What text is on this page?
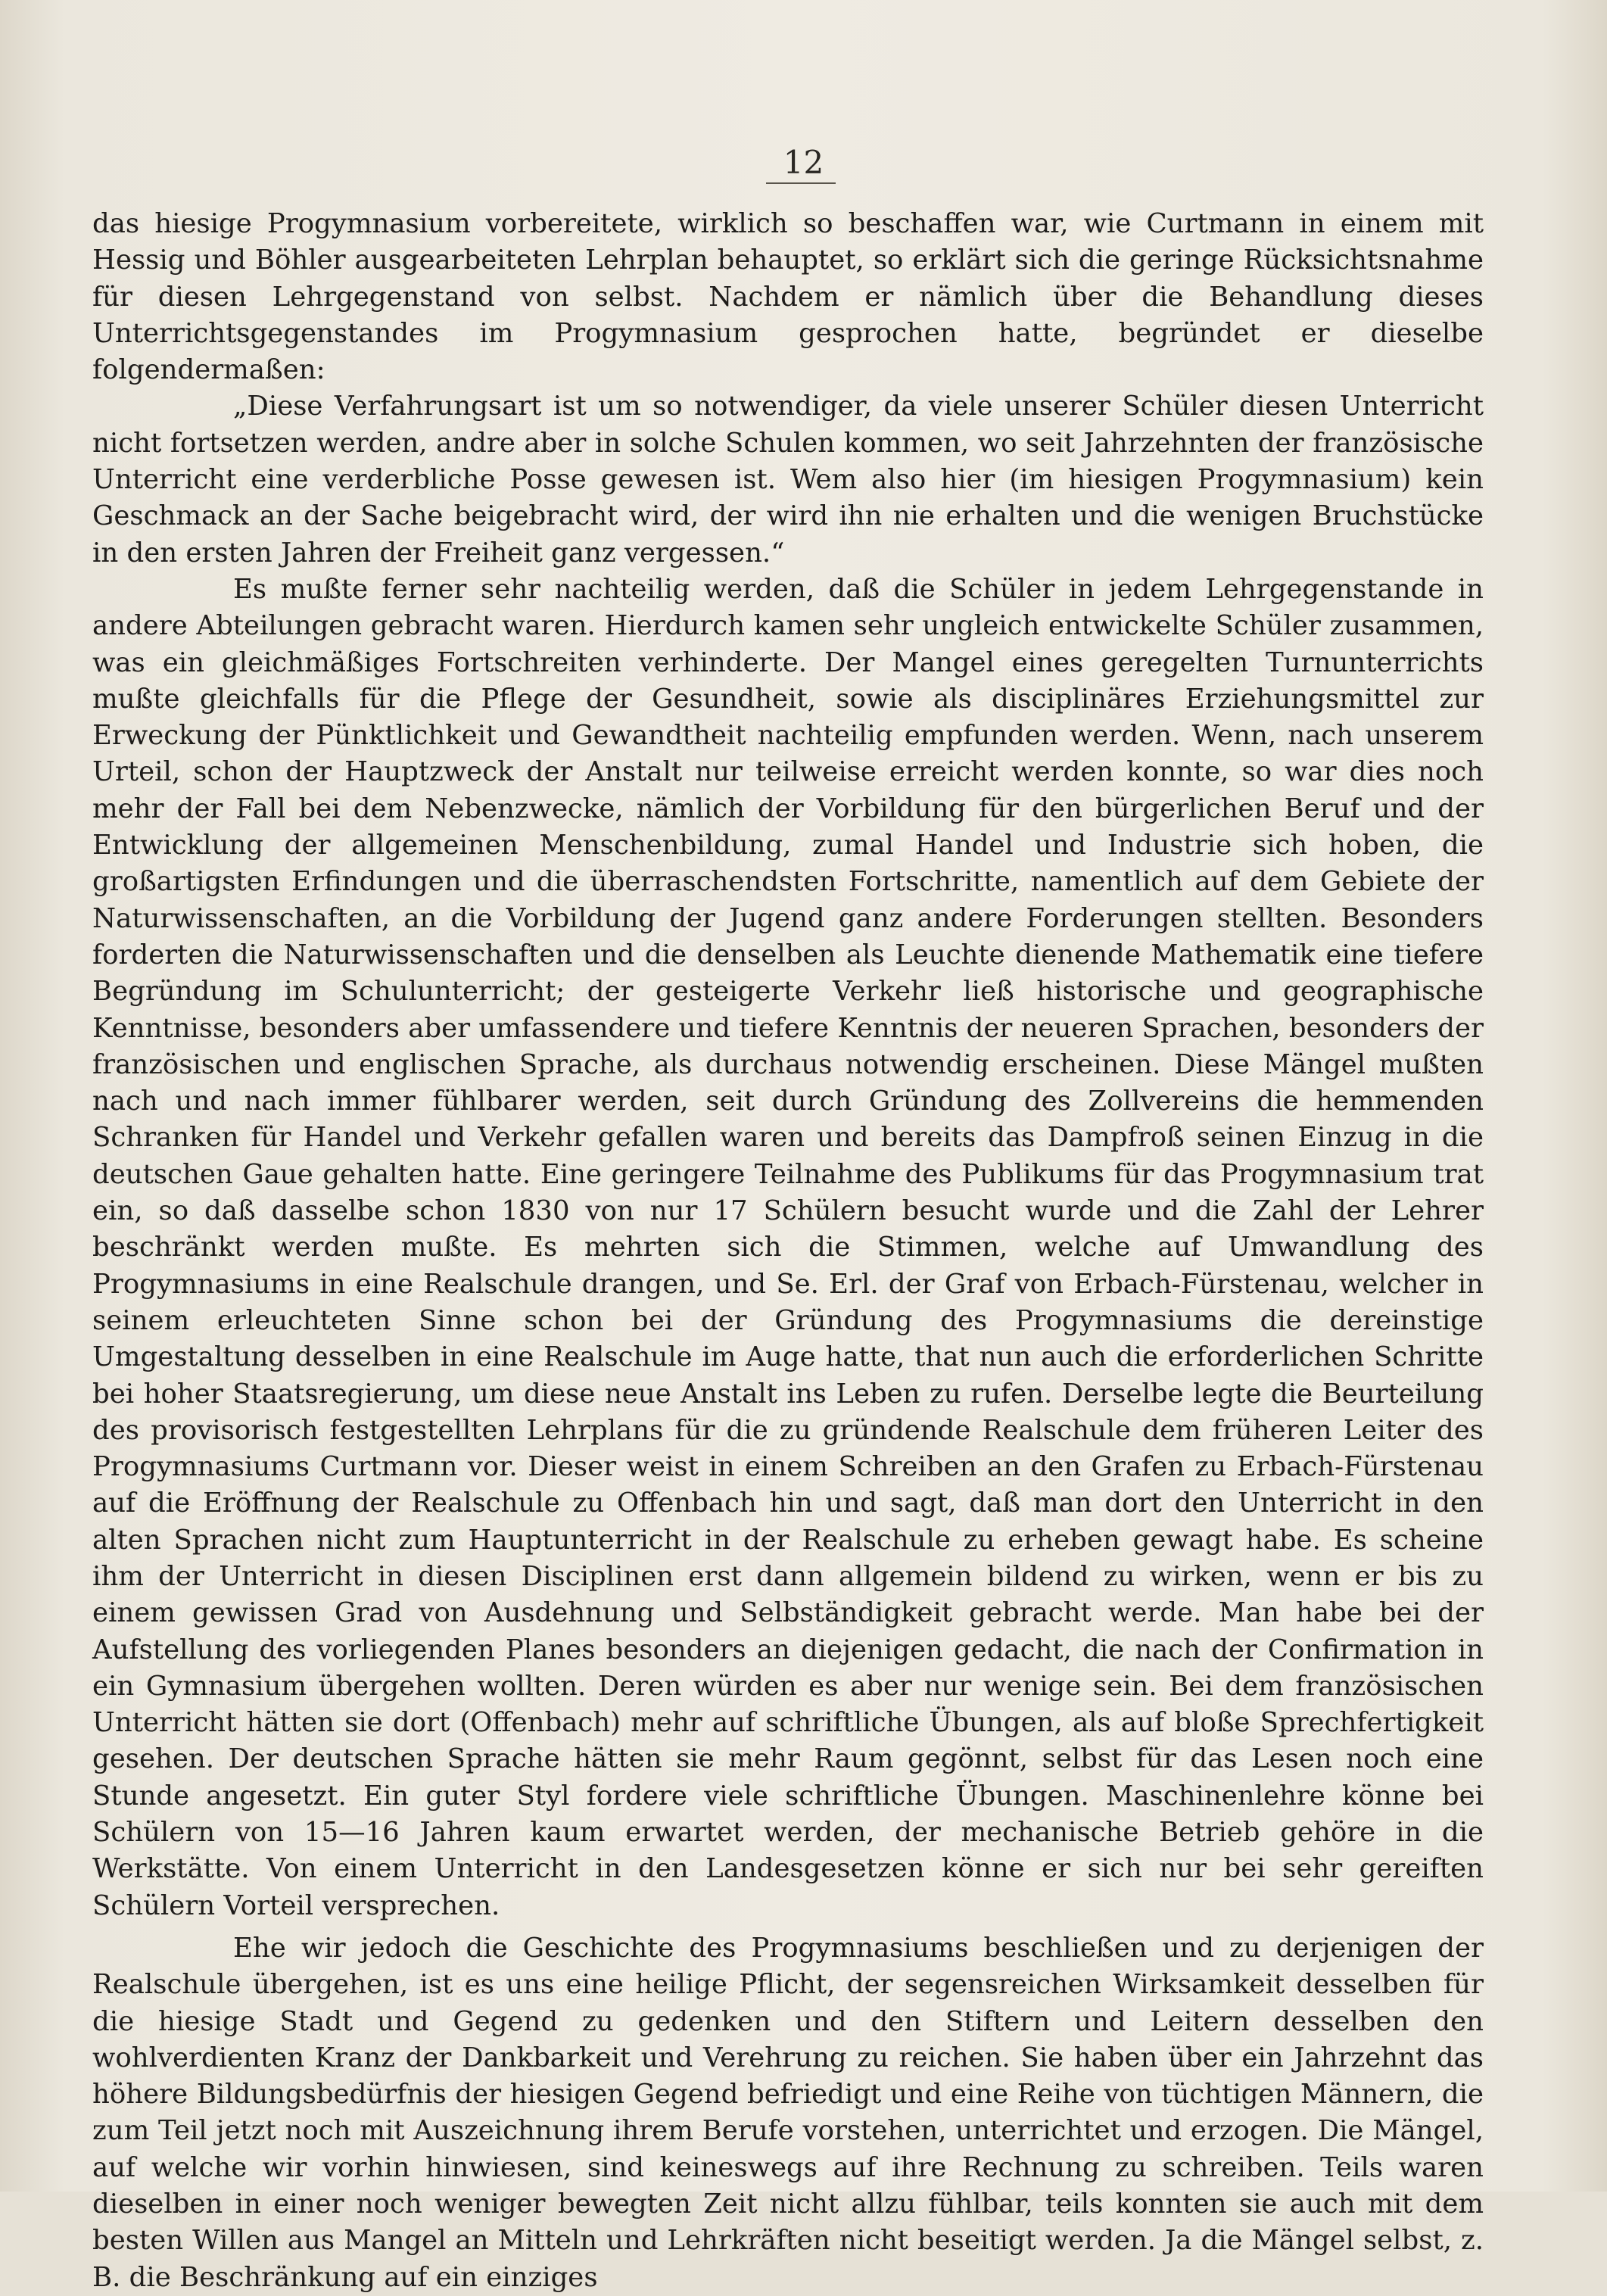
12

das hiesige Progymnasium vorbereitete, wirklich so beschaffen war, wie Curtmann in einem mit Hessig und Böhler ausgearbeiteten Lehrplan behauptet, so erklärt sich die geringe Rücksichtsnahme für diesen Lehrgegenstand von selbst. Nachdem er nämlich über die Behandlung dieses Unterrichtsgegenstandes im Progymnasium gesprochen hatte, begründet er dieselbe folgendermaßen:

„Diese Verfahrungsart ist um so notwendiger, da viele unserer Schüler diesen Unterricht nicht fortsetzen werden, andre aber in solche Schulen kommen, wo seit Jahrzehnten der französische Unterricht eine verderbliche Posse gewesen ist. Wem also hier (im hiesigen Progymnasium) kein Geschmack an der Sache beigebracht wird, der wird ihn nie erhalten und die wenigen Bruchstücke in den ersten Jahren der Freiheit ganz vergessen.“

Es mußte ferner sehr nachteilig werden, daß die Schüler in jedem Lehrgegenstande in andere Abteilungen gebracht waren. Hierdurch kamen sehr ungleich entwickelte Schüler zusammen, was ein gleichmäßiges Fortschreiten verhinderte. Der Mangel eines geregelten Turnunterrichts mußte gleichfalls für die Pflege der Gesundheit, sowie als disciplinäres Erziehungsmittel zur Erweckung der Pünktlichkeit und Gewandtheit nachteilig empfunden werden. Wenn, nach unserem Urteil, schon der Hauptzweck der Anstalt nur teilweise erreicht werden konnte, so war dies noch mehr der Fall bei dem Nebenzwecke, nämlich der Vorbildung für den bürgerlichen Beruf und der Entwicklung der allgemeinen Menschenbildung, zumal Handel und Industrie sich hoben, die großartigsten Erfindungen und die überraschendsten Fortschritte, namentlich auf dem Gebiete der Naturwissenschaften, an die Vorbildung der Jugend ganz andere Forderungen stellten. Besonders forderten die Naturwissenschaften und die denselben als Leuchte dienende Mathematik eine tiefere Begründung im Schulunterricht; der gesteigerte Verkehr ließ historische und geographische Kenntnisse, besonders aber umfassendere und tiefere Kenntnis der neueren Sprachen, besonders der französischen und englischen Sprache, als durchaus notwendig erscheinen. Diese Mängel mußten nach und nach immer fühlbarer werden, seit durch Gründung des Zollvereins die hemmenden Schranken für Handel und Verkehr gefallen waren und bereits das Dampfroß seinen Einzug in die deutschen Gaue gehalten hatte. Eine geringere Teilnahme des Publikums für das Progymnasium trat ein, so daß dasselbe schon 1830 von nur 17 Schülern besucht wurde und die Zahl der Lehrer beschränkt werden mußte. Es mehrten sich die Stimmen, welche auf Umwandlung des Progymnasiums in eine Realschule drangen, und Se. Erl. der Graf von Erbach-Fürstenau, welcher in seinem erleuchteten Sinne schon bei der Gründung des Progymnasiums die dereinstige Umgestaltung desselben in eine Realschule im Auge hatte, that nun auch die erforderlichen Schritte bei hoher Staatsregierung, um diese neue Anstalt ins Leben zu rufen. Derselbe legte die Beurteilung des provisorisch festgestellten Lehrplans für die zu gründende Realschule dem früheren Leiter des Progymnasiums Curtmann vor. Dieser weist in einem Schreiben an den Grafen zu Erbach-Fürstenau auf die Eröffnung der Realschule zu Offenbach hin und sagt, daß man dort den Unterricht in den alten Sprachen nicht zum Hauptunterricht in der Realschule zu erheben gewagt habe. Es scheine ihm der Unterricht in diesen Disciplinen erst dann allgemein bildend zu wirken, wenn er bis zu einem gewissen Grad von Ausdehnung und Selbständigkeit gebracht werde. Man habe bei der Aufstellung des vorliegenden Planes besonders an diejenigen gedacht, die nach der Confirmation in ein Gymnasium übergehen wollten. Deren würden es aber nur wenige sein. Bei dem französischen Unterricht hätten sie dort (Offenbach) mehr auf schriftliche Übungen, als auf bloße Sprechfertigkeit gesehen. Der deutschen Sprache hätten sie mehr Raum gegönnt, selbst für das Lesen noch eine Stunde angesetzt. Ein guter Styl fordere viele schriftliche Übungen. Maschinenlehre könne bei Schülern von 15—16 Jahren kaum erwartet werden, der mechanische Betrieb gehöre in die Werkstätte. Von einem Unterricht in den Landesgesetzen könne er sich nur bei sehr gereiften Schülern Vorteil versprechen.

Ehe wir jedoch die Geschichte des Progymnasiums beschließen und zu derjenigen der Realschule übergehen, ist es uns eine heilige Pflicht, der segensreichen Wirksamkeit desselben für die hiesige Stadt und Gegend zu gedenken und den Stiftern und Leitern desselben den wohlverdienten Kranz der Dankbarkeit und Verehrung zu reichen. Sie haben über ein Jahrzehnt das höhere Bildungsbedürfnis der hiesigen Gegend befriedigt und eine Reihe von tüchtigen Männern, die zum Teil jetzt noch mit Auszeichnung ihrem Berufe vorstehen, unterrichtet und erzogen. Die Mängel, auf welche wir vorhin hinwiesen, sind keineswegs auf ihre Rechnung zu schreiben. Teils waren dieselben in einer noch weniger bewegten Zeit nicht allzu fühlbar, teils konnten sie auch mit dem besten Willen aus Mangel an Mitteln und Lehrkräften nicht beseitigt werden. Ja die Mängel selbst, z. B. die Beschränkung auf ein einziges
